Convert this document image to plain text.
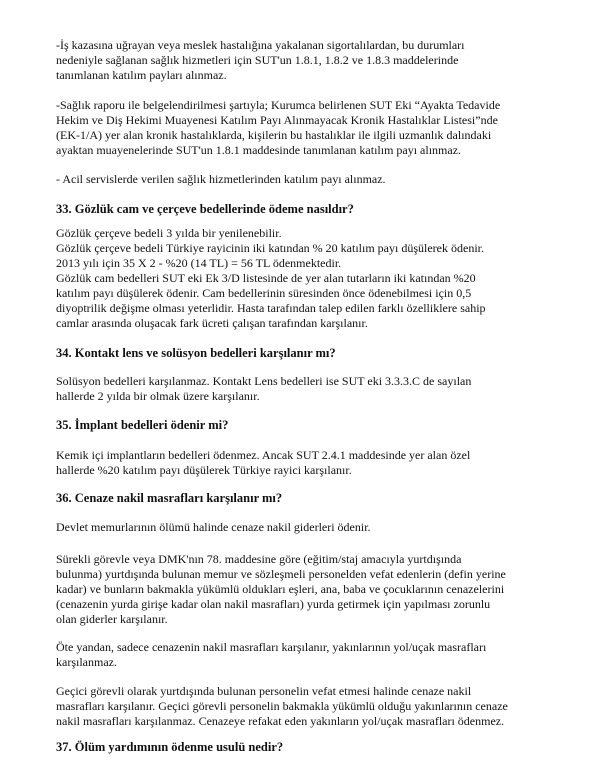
-İş kazasına uğrayan veya meslek hastalığına yakalanan sigortalılardan, bu durumları
nedeniyle sağlanan sağlık hizmetleri için SUT'un 1.8.1, 1.8.2 ve 1.8.3 maddelerinde
tanımlanan katılım payları alınmaz.
-Sağlık raporu ile belgelendirilmesi şartıyla; Kurumca belirlenen SUT Eki “Ayakta Tedavide
Hekim ve Diş Hekimi Muayenesi Katılım Payı Alınmayacak Kronik Hastalıklar Listesi”nde
(EK-1/A) yer alan kronik hastalıklarda, kişilerin bu hastalıklar ile ilgili uzmanlık dalındaki
ayaktan muayenelerinde SUT'un 1.8.1 maddesinde tanımlanan katılım payı alınmaz.
- Acil servislerde verilen sağlık hizmetlerinden katılım payı alınmaz.
33. Gözlük cam ve çerçeve bedellerinde ödeme nasıldır?
Gözlük çerçeve bedeli 3 yılda bir yenilenebilir.
Gözlük çerçeve bedeli Türkiye rayicinin iki katından % 20 katılım payı düşülerek ödenir.
2013 yılı için 35 X 2 - %20 (14 TL) = 56 TL ödenmektedir.
Gözlük cam bedelleri SUT eki Ek 3/D listesinde de yer alan tutarların iki katından %20
katılım payı düşülerek ödenir. Cam bedellerinin süresinden önce ödenebilmesi için 0,5
diyoptrilik değişme olması yeterlidir. Hasta tarafından talep edilen farklı özelliklere sahip
camlar arasında oluşacak fark ücreti çalışan tarafından karşılanır.
34. Kontakt lens ve solüsyon bedelleri karşılanır mı?
Solüsyon bedelleri karşılanmaz. Kontakt Lens bedelleri ise SUT eki 3.3.3.C de sayılan
hallerde 2 yılda bir olmak üzere karşılanır.
35. İmplant bedelleri ödenir mi?
Kemik içi implantların bedelleri ödenmez. Ancak SUT 2.4.1 maddesinde yer alan özel
hallerde %20 katılım payı düşülerek Türkiye rayici karşılanır.
36. Cenaze nakil masrafları karşılanır mı?
Devlet memurlarının ölümü halinde cenaze nakil giderleri ödenir.
Sürekli görevle veya DMK'nın 78. maddesine göre (eğitim/staj amacıyla yurtdışında
bulunma) yurtdışında bulunan memur ve sözleşmeli personelden vefat edenlerin (defin yerine
kadar) ve bunların bakmakla yükümlü oldukları eşleri, ana, baba ve çocuklarının cenazelerini
(cenazenin yurda girişe kadar olan nakil masrafları) yurda getirmek için yapılması zorunlu
olan giderler karşılanır.
Öte yandan, sadece cenazenin nakil masrafları karşılanır, yakınlarının yol/uçak masrafları
karşılanmaz.
Geçici görevli olarak yurtdışında bulunan personelin vefat etmesi halinde cenaze nakil
masrafları karşılanır. Geçici görevli personelin bakmakla yükümlü olduğu yakınlarının cenaze
nakil masrafları karşılanmaz. Cenazeye refakat eden yakınların yol/uçak masrafları ödenmez.
37. Ölüm yardımının ödenme usulü nedir?
